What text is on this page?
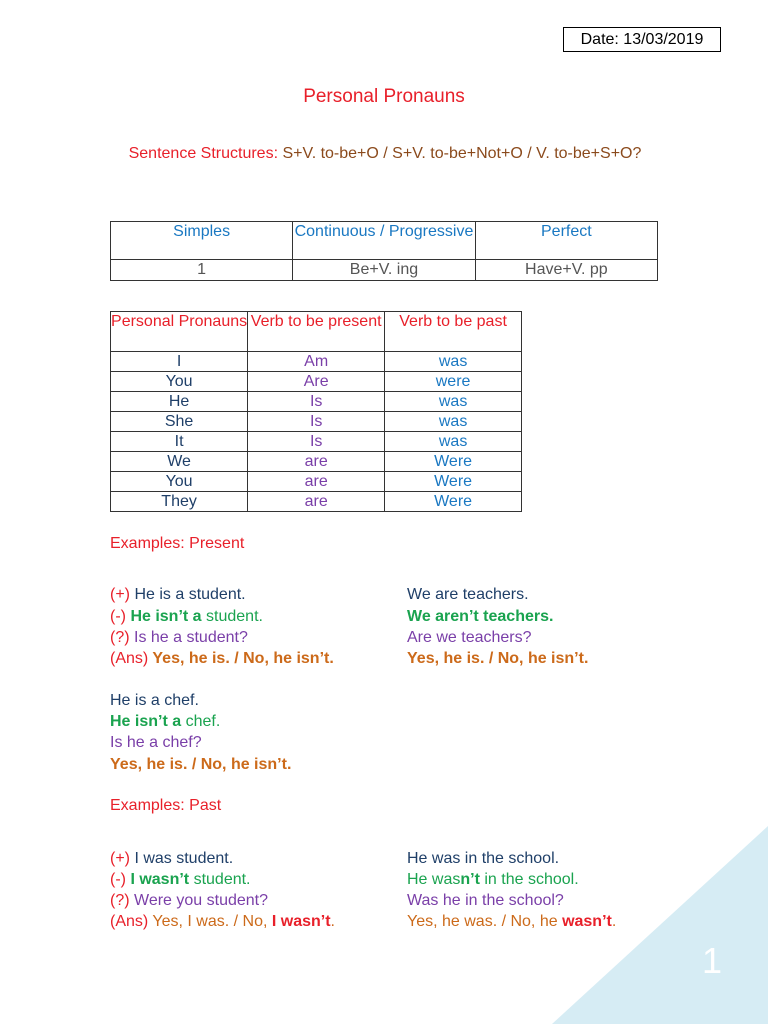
1
Date: 13/03/2019
Personal Pronauns
Sentence Structures: S+V. to-be+O / S+V. to-be+Not+O / V. to-be+S+O?
Simples	Continuous / Progressive	Perfect
1	Be+V. ing	Have+V. pp
Personal Pronauns	Verb to be present	Verb to be past
I	Am	was
You	Are	were
He	Is	was
She	Is	was
It	Is	was
We	are	Were
You	are	Were
They	are	Were
Examples: Present
(+) He is a student.
(-) He isn’t a student.
(?) Is he a student?
(Ans) Yes, he is. / No, he isn’t.
We are teachers.
We aren’t teachers.
Are we teachers?
Yes, he is. / No, he isn’t.
He is a chef.
He isn’t a chef.
Is he a chef?
Yes, he is. / No, he isn’t.
Examples: Past
(+) I was student.
(-) I wasn’t student.
(?) Were you student?
(Ans) Yes, I was. / No, I wasn’t.
He was in the school.
He wasn’t in the school.
Was he in the school?
Yes, he was. / No, he wasn’t.
